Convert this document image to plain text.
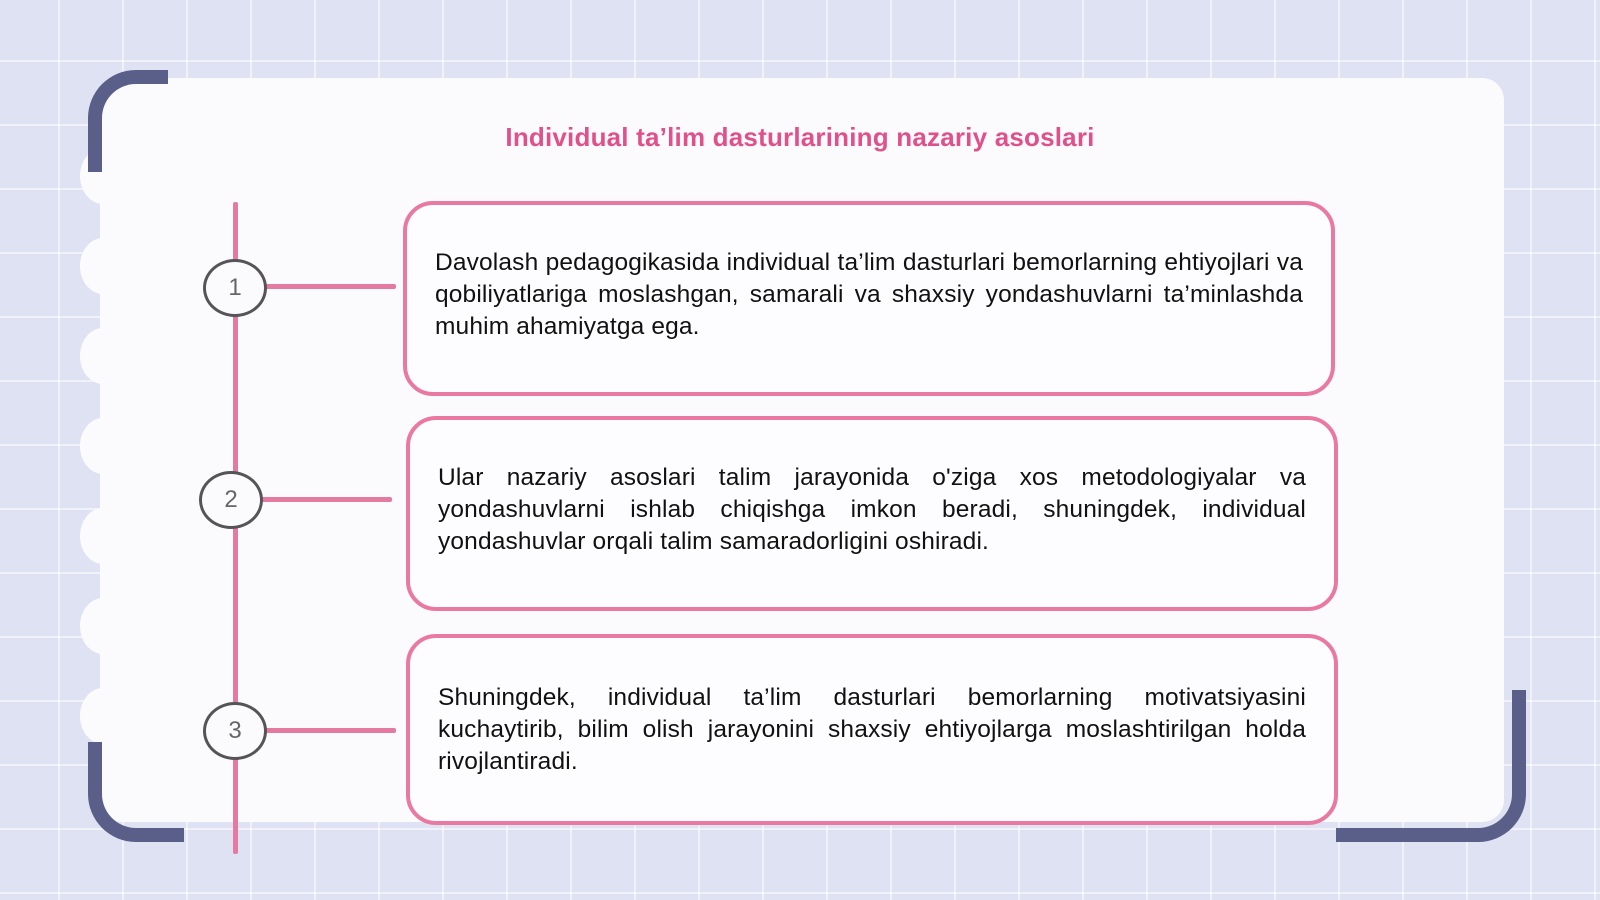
Individual ta’lim dasturlarining nazariy asoslari
1
2
3

Davolash pedagogikasida individual ta’lim dasturlari bemorlarning ehtiyojlari va qobiliyatlariga moslashgan, samarali va shaxsiy yondashuvlarni ta’minlashda muhim ahamiyatga ega.

Ular nazariy asoslari talim jarayonida o'ziga xos metodologiyalar va yondashuvlarni ishlab chiqishga imkon beradi, shuningdek, individual yondashuvlar orqali talim samaradorligini oshiradi.

Shuningdek, individual ta’lim dasturlari bemorlarning motivatsiyasini kuchaytirib, bilim olish jarayonini shaxsiy ehtiyojlarga moslashtirilgan holda rivojlantiradi.
